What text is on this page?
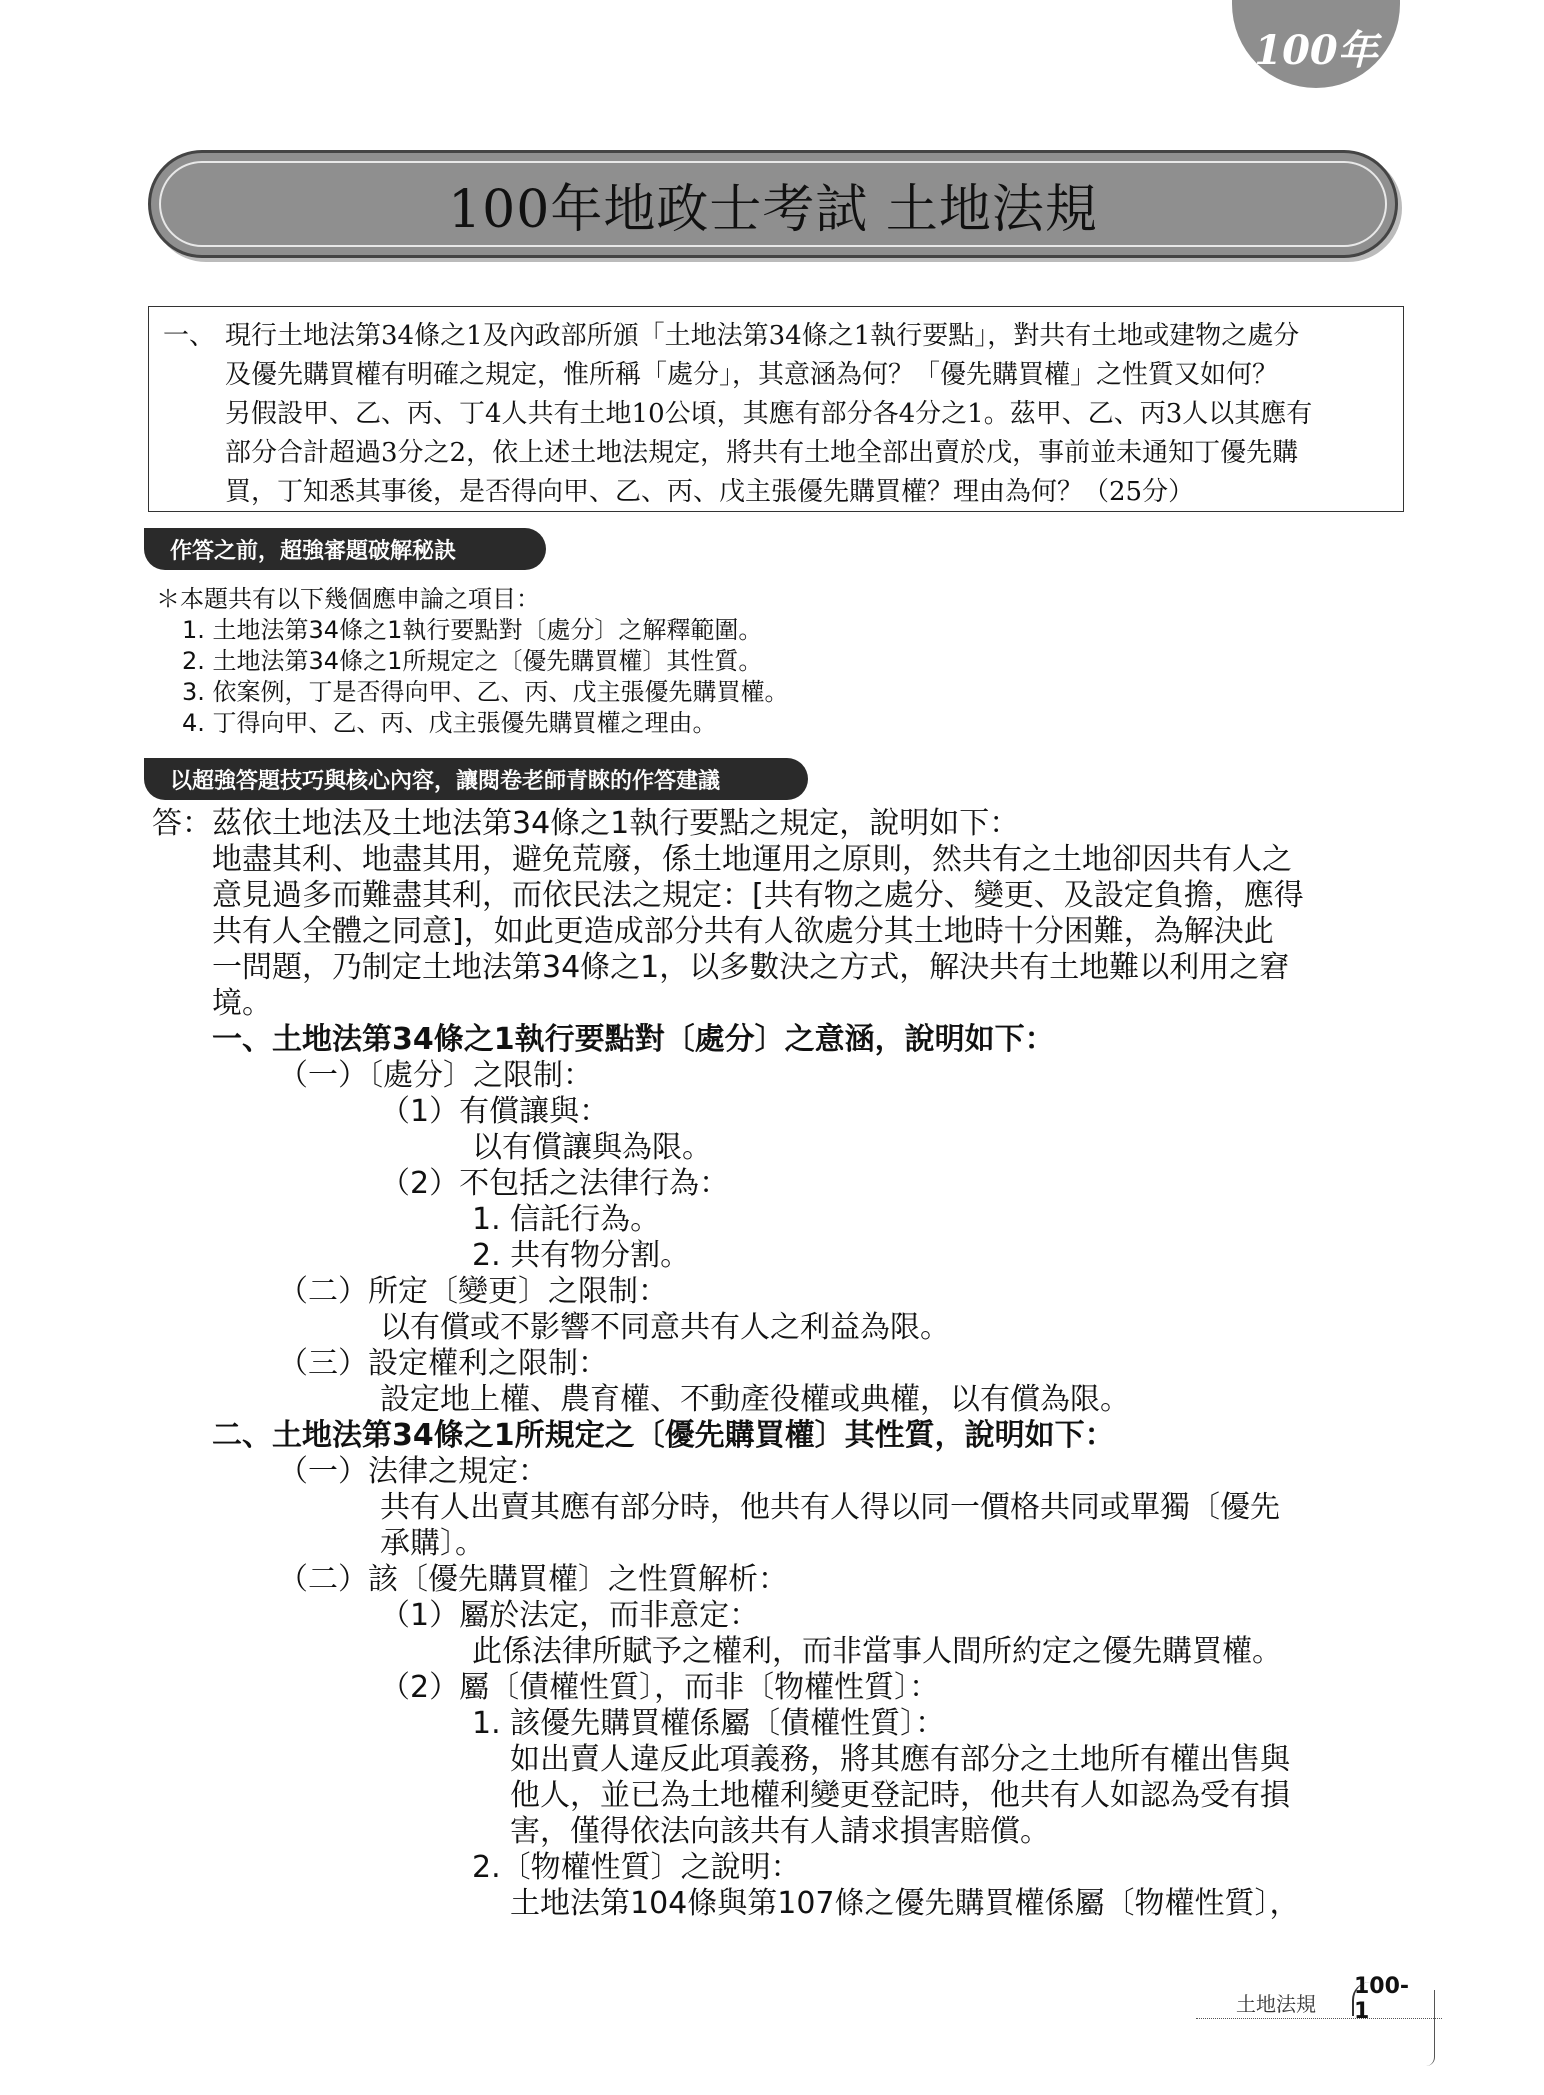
100年
100年地政士考試 土地法規
一、 現行土地法第34條之1及內政部所頒「土地法第34條之1執行要點」，對共有土地或建物之處分
及優先購買權有明確之規定，惟所稱「處分」，其意涵為何？「優先購買權」之性質又如何？
另假設甲、乙、丙、丁4人共有土地10公頃，其應有部分各4分之1。茲甲、乙、丙3人以其應有
部分合計超過3分之2，依上述土地法規定，將共有土地全部出賣於戊，事前並未通知丁優先購
買，丁知悉其事後，是否得向甲、乙、丙、戊主張優先購買權？理由為何？（25分）
作答之前，超強審題破解秘訣
＊本題共有以下幾個應申論之項目：
1. 土地法第34條之1執行要點對〔處分〕之解釋範圍。
2. 土地法第34條之1所規定之〔優先購買權〕其性質。
3. 依案例，丁是否得向甲、乙、丙、戊主張優先購買權。
4. 丁得向甲、乙、丙、戊主張優先購買權之理由。
以超強答題技巧與核心內容，讓閱卷老師青睞的作答建議
答：茲依土地法及土地法第34條之1執行要點之規定，說明如下：
地盡其利、地盡其用，避免荒廢，係土地運用之原則，然共有之土地卻因共有人之
意見過多而難盡其利，而依民法之規定：[共有物之處分、變更、及設定負擔，應得
共有人全體之同意]，如此更造成部分共有人欲處分其土地時十分困難，為解決此
一問題，乃制定土地法第34條之1，以多數決之方式，解決共有土地難以利用之窘
境。
一、土地法第34條之1執行要點對〔處分〕之意涵，說明如下：
（一）〔處分〕之限制：
（1）有償讓與：
以有償讓與為限。
（2）不包括之法律行為：
1. 信託行為。
2. 共有物分割。
（二）所定〔變更〕之限制：
以有償或不影響不同意共有人之利益為限。
（三）設定權利之限制：
設定地上權、農育權、不動產役權或典權，以有償為限。
二、土地法第34條之1所規定之〔優先購買權〕其性質，說明如下：
（一）法律之規定：
共有人出賣其應有部分時，他共有人得以同一價格共同或單獨〔優先
承購〕。
（二）該〔優先購買權〕之性質解析：
（1）屬於法定，而非意定：
此係法律所賦予之權利，而非當事人間所約定之優先購買權。
（2）屬〔債權性質〕，而非〔物權性質〕：
1. 該優先購買權係屬〔債權性質〕：
如出賣人違反此項義務，將其應有部分之土地所有權出售與
他人，並已為土地權利變更登記時，他共有人如認為受有損
害，僅得依法向該共有人請求損害賠償。
2.〔物權性質〕之說明：
土地法第104條與第107條之優先購買權係屬〔物權性質〕，
土地法規
100-1
